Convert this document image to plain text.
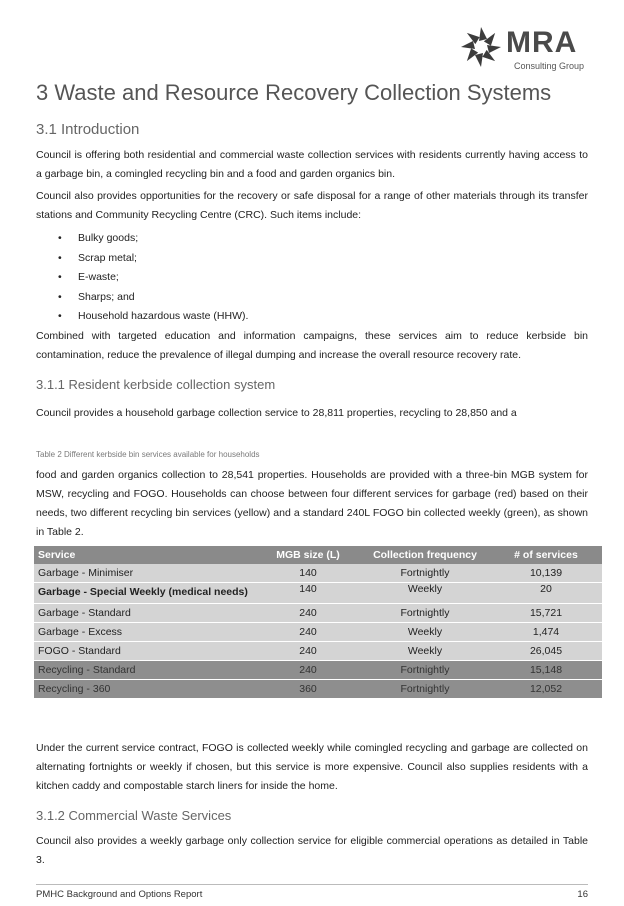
MRA
Consulting Group
3 Waste and Resource Recovery Collection Systems
3.1 Introduction

Council is offering both residential and commercial waste collection services with residents currently having access to a garbage bin, a comingled recycling bin and a food and garden organics bin.

Council also provides opportunities for the recovery or safe disposal for a range of other materials through its transfer stations and Community Recycling Centre (CRC). Such items include:

• Bulky goods;
• Scrap metal;
• E-waste;
• Sharps; and
• Household hazardous waste (HHW).

Combined with targeted education and information campaigns, these services aim to reduce kerbside bin contamination, reduce the prevalence of illegal dumping and increase the overall resource recovery rate.

3.1.1 Resident kerbside collection system

Council provides a household garbage collection service to 28,811 properties, recycling to 28,850 and a

Table 2 Different kerbside bin services available for households

food and garden organics collection to 28,541 properties. Households are provided with a three-bin MGB system for MSW, recycling and FOGO. Households can choose between four different services for garbage (red) based on their needs, two different recycling bin services (yellow) and a standard 240L FOGO bin collected weekly (green), as shown in Table 2.

Service	MGB size (L)	Collection frequency	# of services
Garbage - Minimiser	140	Fortnightly	10,139
Garbage - Special Weekly (medical needs)	140	Weekly	20
Garbage - Standard	240	Fortnightly	15,721
Garbage - Excess	240	Weekly	1,474
FOGO - Standard	240	Weekly	26,045
Recycling - Standard	240	Fortnightly	15,148
Recycling - 360	360	Fortnightly	12,052

Under the current service contract, FOGO is collected weekly while comingled recycling and garbage are collected on alternating fortnights or weekly if chosen, but this service is more expensive. Council also supplies residents with a kitchen caddy and compostable starch liners for inside the home.

3.1.2 Commercial Waste Services

Council also provides a weekly garbage only collection service for eligible commercial operations as detailed in Table 3.

PMHC Background and Options Report	16
